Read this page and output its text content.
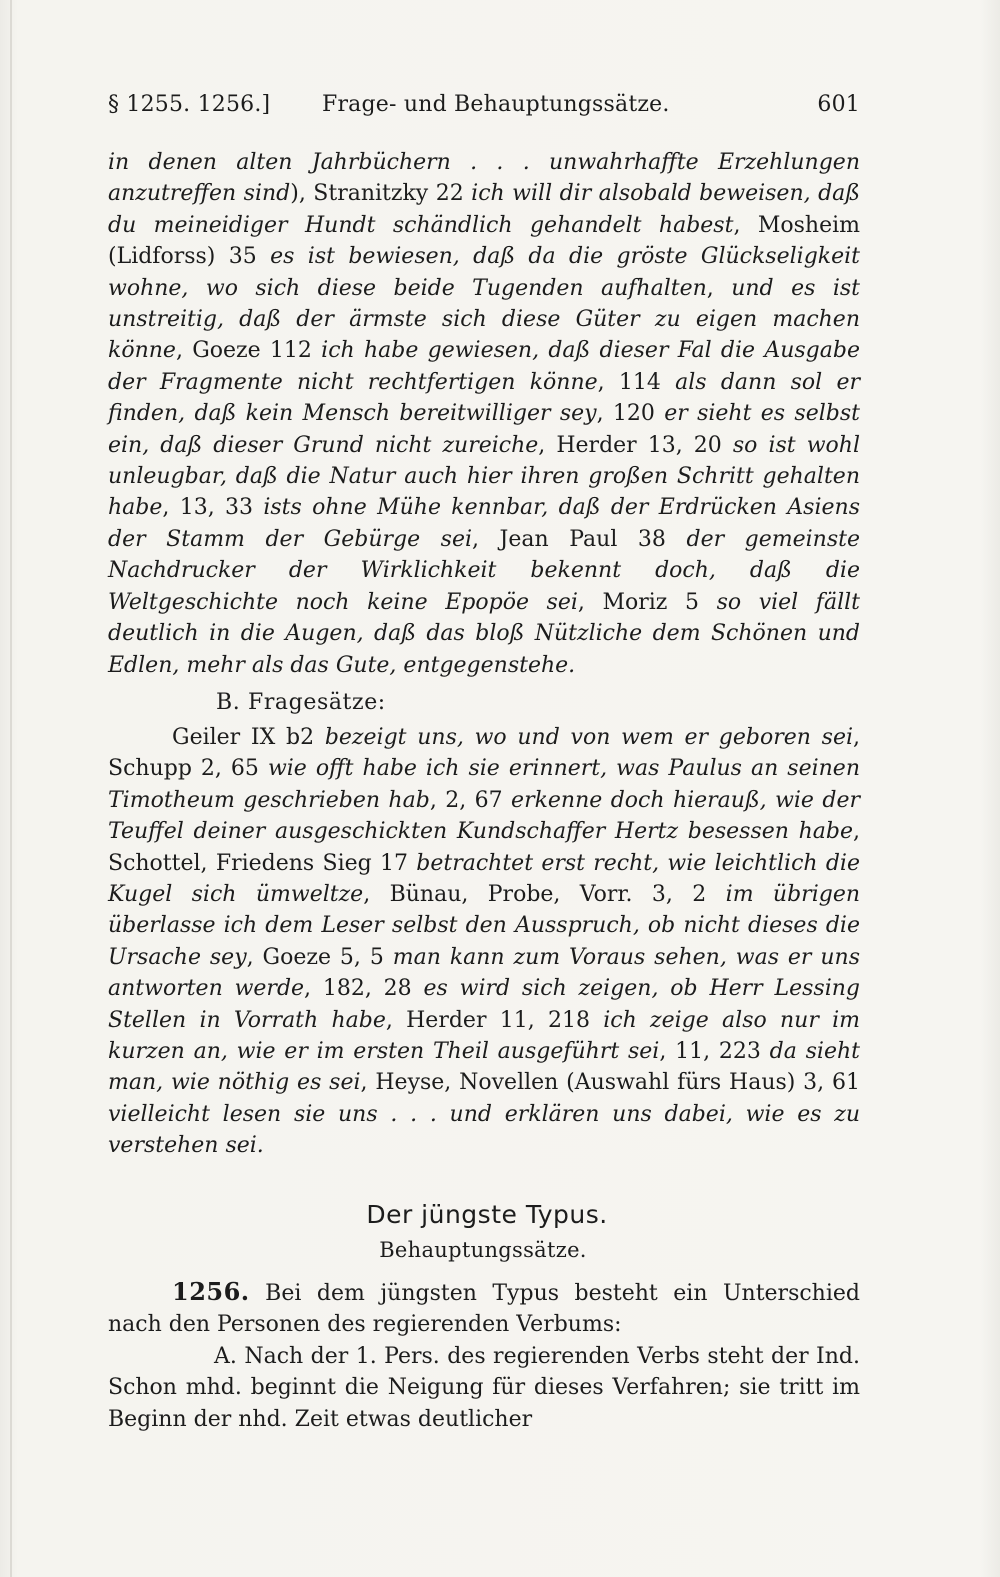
§ 1255. 1256.] Frage- und Behauptungssätze.	601

in denen alten Jahrbüchern . . . unwahrhaffte Erzehlungen anzutreffen sind), Stranitzky 22 ich will dir alsobald beweisen, daß du meineidiger Hundt schändlich gehandelt habest, Mosheim (Lidforss) 35 es ist bewiesen, daß da die gröste Glückseligkeit wohne, wo sich diese beide Tugenden aufhalten, und es ist unstreitig, daß der ärmste sich diese Güter zu eigen machen könne, Goeze 112 ich habe gewiesen, daß dieser Fal die Ausgabe der Fragmente nicht rechtfertigen könne, 114 als dann sol er finden, daß kein Mensch bereitwilliger sey, 120 er sieht es selbst ein, daß dieser Grund nicht zureiche, Herder 13, 20 so ist wohl unleugbar, daß die Natur auch hier ihren großen Schritt gehalten habe, 13, 33 ists ohne Mühe kennbar, daß der Erdrücken Asiens der Stamm der Gebürge sei, Jean Paul 38 der gemeinste Nachdrucker der Wirklichkeit bekennt doch, daß die Weltgeschichte noch keine Epopöe sei, Moriz 5 so viel fällt deutlich in die Augen, daß das bloß Nützliche dem Schönen und Edlen, mehr als das Gute, entgegenstehe.

B. Fragesätze:

Geiler IX b2 bezeigt uns, wo und von wem er geboren sei, Schupp 2, 65 wie offt habe ich sie erinnert, was Paulus an seinen Timotheum geschrieben hab, 2, 67 erkenne doch hierauß, wie der Teuffel deiner ausgeschickten Kundschaffer Hertz besessen habe, Schottel, Friedens Sieg 17 betrachtet erst recht, wie leichtlich die Kugel sich ümweltze, Bünau, Probe, Vorr. 3, 2 im übrigen überlasse ich dem Leser selbst den Ausspruch, ob nicht dieses die Ursache sey, Goeze 5, 5 man kann zum Voraus sehen, was er uns antworten werde, 182, 28 es wird sich zeigen, ob Herr Lessing Stellen in Vorrath habe, Herder 11, 218 ich zeige also nur im kurzen an, wie er im ersten Theil ausgeführt sei, 11, 223 da sieht man, wie nöthig es sei, Heyse, Novellen (Auswahl fürs Haus) 3, 61 vielleicht lesen sie uns . . . und erklären uns dabei, wie es zu verstehen sei.

Der jüngste Typus.
Behauptungssätze.

1256. Bei dem jüngsten Typus besteht ein Unterschied nach den Personen des regierenden Verbums:

A. Nach der 1. Pers. des regierenden Verbs steht der Ind. Schon mhd. beginnt die Neigung für dieses Verfahren; sie tritt im Beginn der nhd. Zeit etwas deutlicher
